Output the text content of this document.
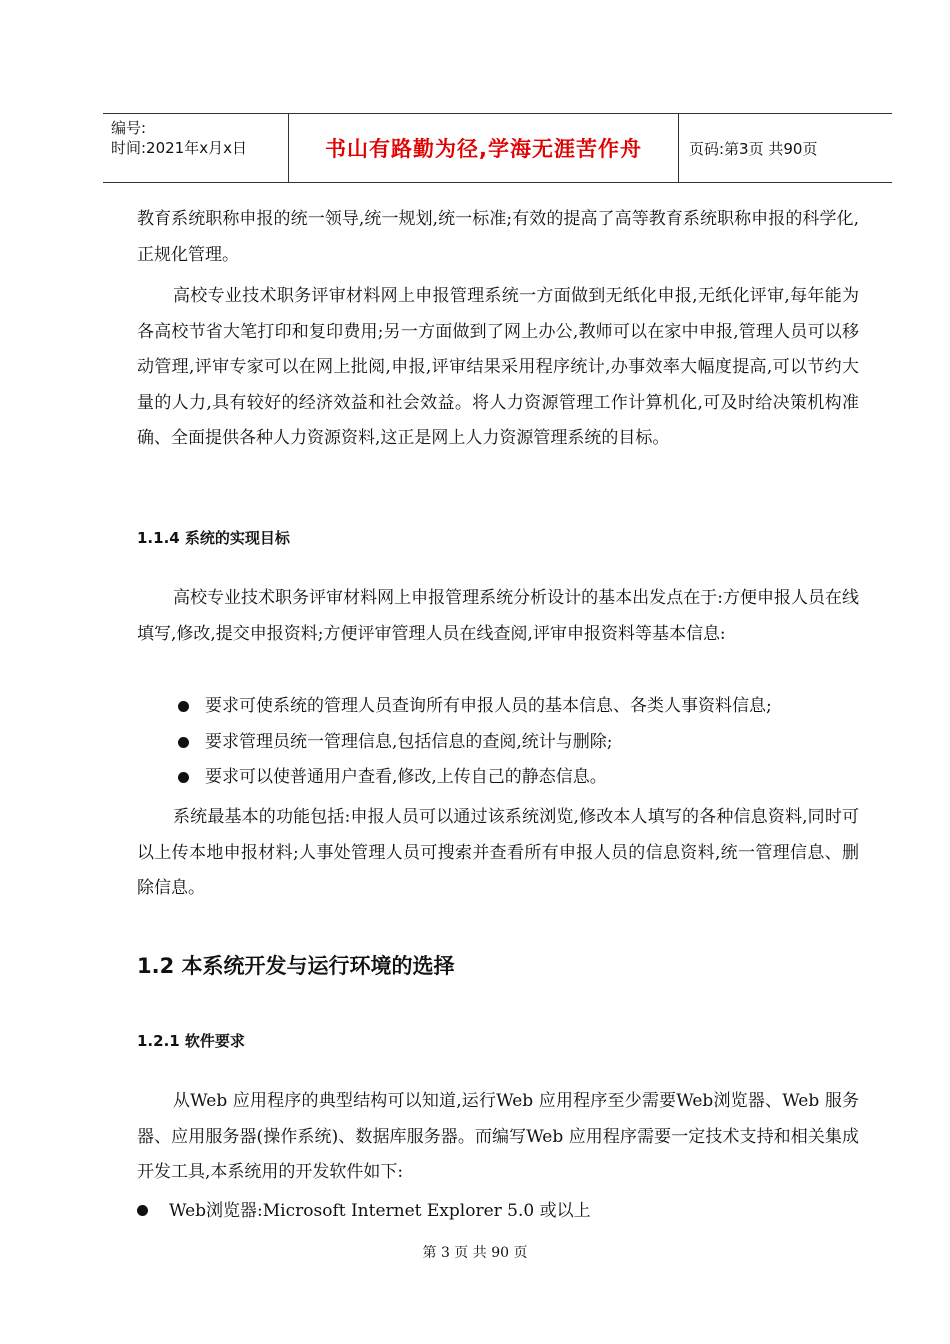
编号:
时间:2021年x月x日	书山有路勤为径,学海无涯苦作舟	页码:第3页 共90页

教育系统职称申报的统一领导,统一规划,统一标准;有效的提高了高等教育系统职称申报的科学化,正规化管理。

高校专业技术职务评审材料网上申报管理系统一方面做到无纸化申报,无纸化评审,每年能为各高校节省大笔打印和复印费用;另一方面做到了网上办公,教师可以在家中申报,管理人员可以移动管理,评审专家可以在网上批阅,申报,评审结果采用程序统计,办事效率大幅度提高,可以节约大量的人力,具有较好的经济效益和社会效益。将人力资源管理工作计算机化,可及时给决策机构准确、全面提供各种人力资源资料,这正是网上人力资源管理系统的目标。

1.1.4 系统的实现目标

高校专业技术职务评审材料网上申报管理系统分析设计的基本出发点在于:方便申报人员在线填写,修改,提交申报资料;方便评审管理人员在线查阅,评审申报资料等基本信息:

要求可使系统的管理人员查询所有申报人员的基本信息、各类人事资料信息;
要求管理员统一管理信息,包括信息的查阅,统计与删除;
要求可以使普通用户查看,修改,上传自己的静态信息。

系统最基本的功能包括:申报人员可以通过该系统浏览,修改本人填写的各种信息资料,同时可以上传本地申报材料;人事处管理人员可搜索并查看所有申报人员的信息资料,统一管理信息、删除信息。

1.2 本系统开发与运行环境的选择
1.2.1 软件要求

从Web 应用程序的典型结构可以知道,运行Web 应用程序至少需要Web浏览器、Web 服务器、应用服务器(操作系统)、数据库服务器。而编写Web 应用程序需要一定技术支持和相关集成开发工具,本系统用的开发软件如下:

Web浏览器:Microsoft Internet Explorer 5.0 或以上
第 3 页 共 90 页
